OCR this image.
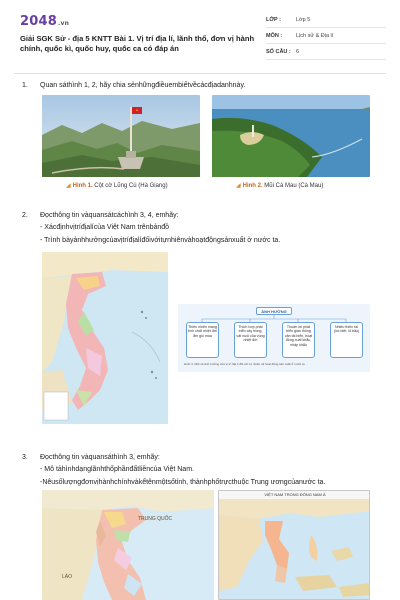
2048.vn
Giải SGK Sử - địa 5 KNTT Bài 1. Vị trí địa lí, lãnh thổ, đơn vị hành chính, quốc kì, quốc huy, quốc ca có đáp án
LỚP :	Lớp 5
MÔN :	Lịch sử & Địa lí
SỐ CÂU : 6
1. Quan sáthình 1, 2, hãy chia sẻnhữngđiềuembiếtvềcácđịadanhnày.
◢ Hình 1. Cột cờ Lũng Cú (Hà Giang)	◢ Hình 2. Mũi Cà Mau (Cà Mau)
2. Đọcthông tin vàquansátcáchình 3, 4, emhãy:
- Xácđịnhvịtríđịalícủa Việt Nam trênbảnđồ
- Trình bàyảnhhưởngcủavịtríđịalíđốivớitựnhiênvàhoạtđộngsảnxuất ở nước ta.
ẢNH HƯỞNG
Thiên nhiên mang tính chất nhiệt đới ẩm gió mùa
Thích hợp phát triển cây trồng, vật nuôi của vùng nhiệt đới
Thuận lợi phát triển giao thông vận tải biển, hoạt động xuất khẩu, nhập khẩu
Nhiều thiên tai (lốc biệt, lũ bão)
Hình 4. Một số ảnh hưởng của vị trí địa lí đối với tự nhiên và hoạt động sản xuất ở nước ta
3. Đọcthông tin vàquansáthình 3, emhãy:
- Mô tảhìnhdạnglãnhthổphầnđấtliềncủa Việt Nam.
-Nêusốlượngđơnvịhànhchínhvàkểtênmộtsốtỉnh, thànhphốtrựcthuộc Trung ươngcủanước ta.
TRUNG QUỐC
LÀO
VIỆT NAM TRONG ĐÔNG NAM Á
